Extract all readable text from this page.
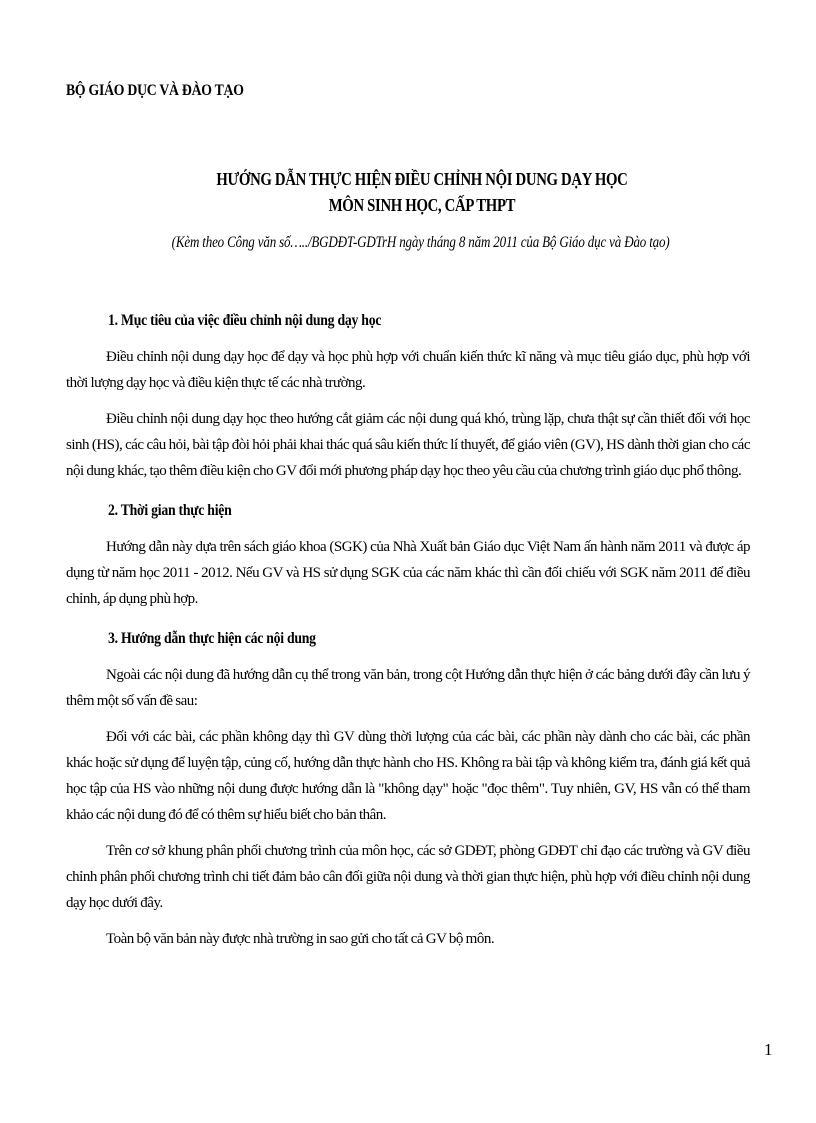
BỘ GIÁO DỤC VÀ ĐÀO TẠO
HƯỚNG DẪN THỰC HIỆN ĐIỀU CHỈNH NỘI DUNG DẠY HỌC
MÔN SINH HỌC, CẤP THPT
(Kèm theo Công văn số…../BGDĐT-GDTrH ngày tháng 8 năm 2011 của Bộ Giáo dục và Đào tạo)
1. Mục tiêu của việc điều chỉnh nội dung dạy học

Điều chỉnh nội dung dạy học để dạy và học phù hợp với chuẩn kiến thức kĩ năng và mục tiêu giáo dục, phù hợp với thời lượng dạy học và điều kiện thực tế các nhà trường.

Điều chỉnh nội dung dạy học theo hướng cắt giảm các nội dung quá khó, trùng lặp, chưa thật sự cần thiết đối với học sinh (HS), các câu hỏi, bài tập đòi hỏi phải khai thác quá sâu kiến thức lí thuyết, để giáo viên (GV), HS dành thời gian cho các nội dung khác, tạo thêm điều kiện cho GV đổi mới phương pháp dạy học theo yêu cầu của chương trình giáo dục phổ thông.

2. Thời gian thực hiện

Hướng dẫn này dựa trên sách giáo khoa (SGK) của Nhà Xuất bản Giáo dục Việt Nam ấn hành năm 2011 và được áp dụng từ năm học 2011 - 2012. Nếu GV và HS sử dụng SGK của các năm khác thì cần đối chiếu với SGK năm 2011 để điều chỉnh, áp dụng phù hợp.

3. Hướng dẫn thực hiện các nội dung

Ngoài các nội dung đã hướng dẫn cụ thể trong văn bản, trong cột Hướng dẫn thực hiện ở các bảng dưới đây cần lưu ý thêm một số vấn đề sau:

Đối với các bài, các phần không dạy thì GV dùng thời lượng của các bài, các phần này dành cho các bài, các phần khác hoặc sử dụng để luyện tập, củng cố, hướng dẫn thực hành cho HS. Không ra bài tập và không kiểm tra, đánh giá kết quả học tập của HS vào những nội dung được hướng dẫn là "không dạy" hoặc "đọc thêm". Tuy nhiên, GV, HS vẫn có thể tham khảo các nội dung đó để có thêm sự hiểu biết cho bản thân.

Trên cơ sở khung phân phối chương trình của môn học, các sở GDĐT, phòng GDĐT chỉ đạo các trường và GV điều chỉnh phân phối chương trình chi tiết đảm bảo cân đối giữa nội dung và thời gian thực hiện, phù hợp với điều chỉnh nội dung dạy học dưới đây.

Toàn bộ văn bản này được nhà trường in sao gửi cho tất cả GV bộ môn.

1
